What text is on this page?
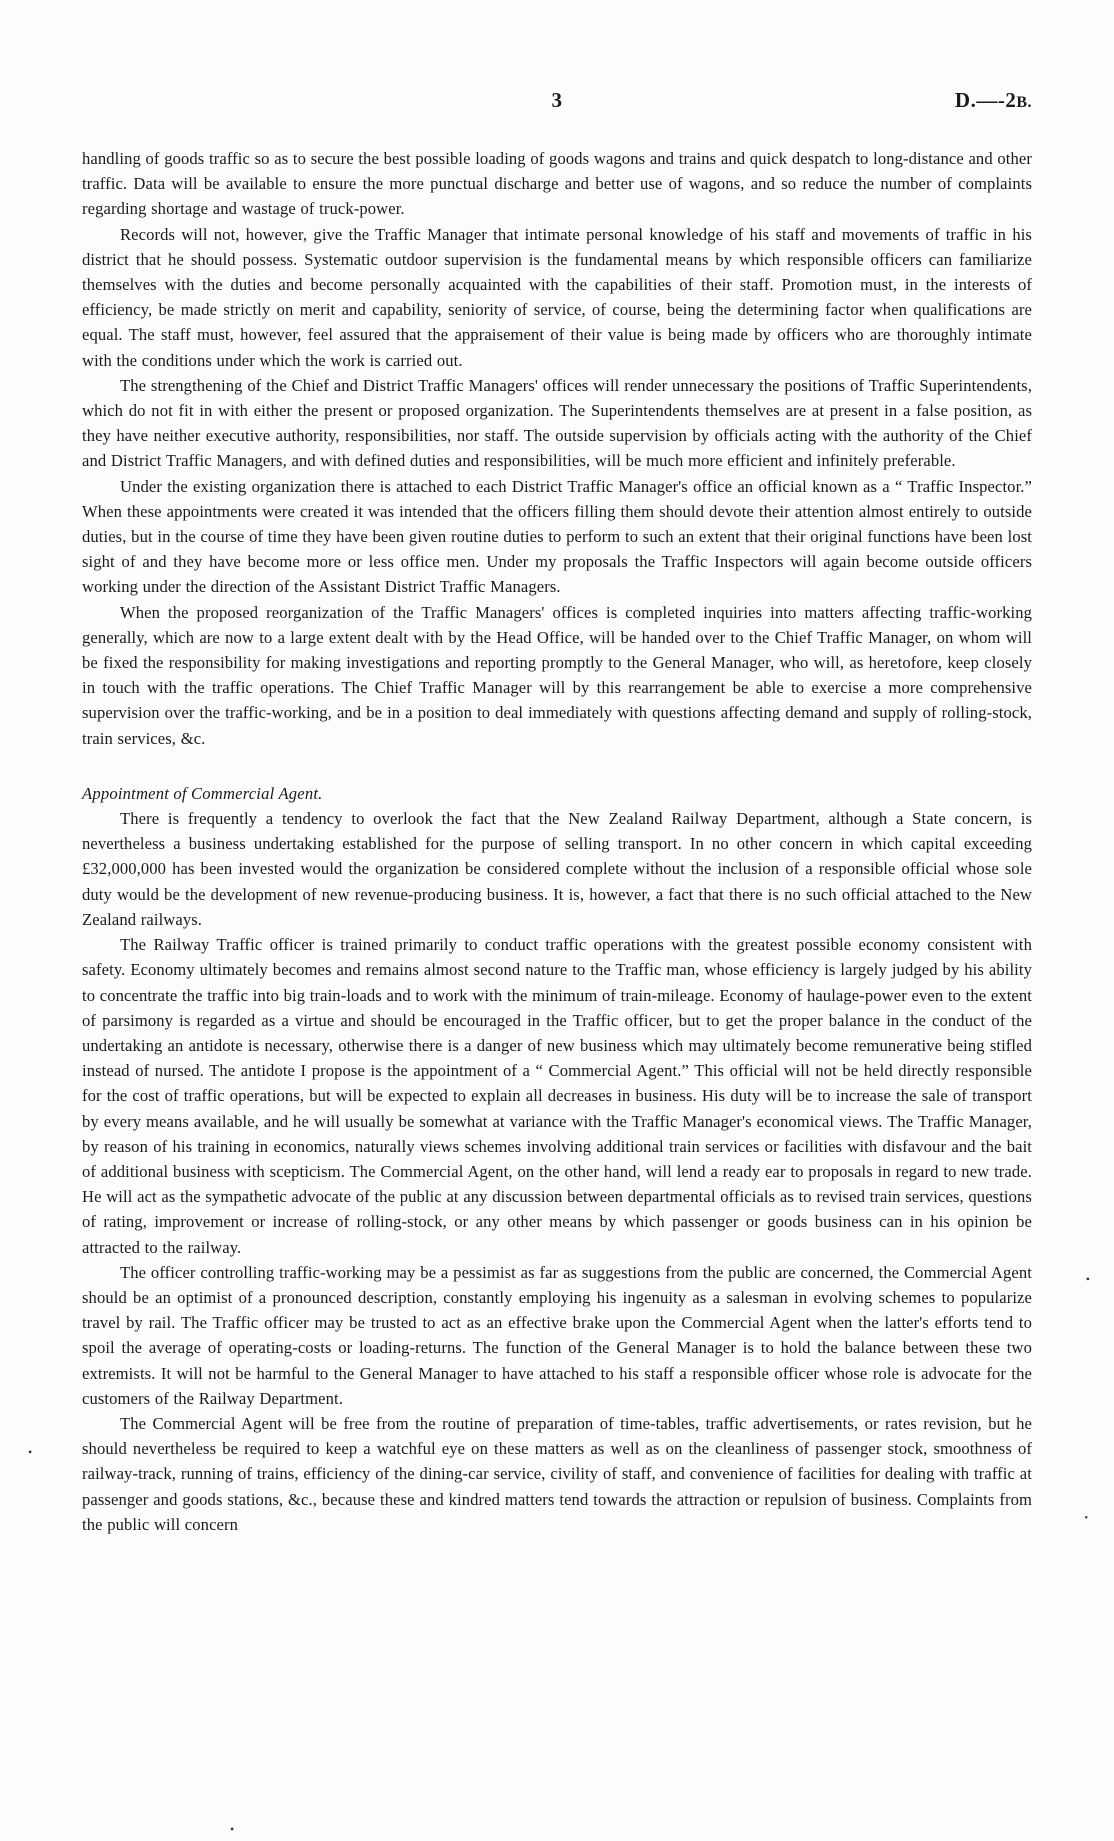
3	D.—-2B.

handling of goods traffic so as to secure the best possible loading of goods wagons and trains and quick despatch to long-distance and other traffic. Data will be available to ensure the more punctual discharge and better use of wagons, and so reduce the number of complaints regarding shortage and wastage of truck-power.

Records will not, however, give the Traffic Manager that intimate personal knowledge of his staff and movements of traffic in his district that he should possess. Systematic outdoor supervision is the fundamental means by which responsible officers can familiarize themselves with the duties and become personally acquainted with the capabilities of their staff. Promotion must, in the interests of efficiency, be made strictly on merit and capability, seniority of service, of course, being the determining factor when qualifications are equal. The staff must, however, feel assured that the appraisement of their value is being made by officers who are thoroughly intimate with the conditions under which the work is carried out.

The strengthening of the Chief and District Traffic Managers' offices will render unnecessary the positions of Traffic Superintendents, which do not fit in with either the present or proposed organization. The Superintendents themselves are at present in a false position, as they have neither executive authority, responsibilities, nor staff. The outside supervision by officials acting with the authority of the Chief and District Traffic Managers, and with defined duties and responsibilities, will be much more efficient and infinitely preferable.

Under the existing organization there is attached to each District Traffic Manager's office an official known as a “ Traffic Inspector.” When these appointments were created it was intended that the officers filling them should devote their attention almost entirely to outside duties, but in the course of time they have been given routine duties to perform to such an extent that their original functions have been lost sight of and they have become more or less office men. Under my proposals the Traffic Inspectors will again become outside officers working under the direction of the Assistant District Traffic Managers.

When the proposed reorganization of the Traffic Managers' offices is completed inquiries into matters affecting traffic-working generally, which are now to a large extent dealt with by the Head Office, will be handed over to the Chief Traffic Manager, on whom will be fixed the responsibility for making investigations and reporting promptly to the General Manager, who will, as heretofore, keep closely in touch with the traffic operations. The Chief Traffic Manager will by this rearrangement be able to exercise a more comprehensive supervision over the traffic-working, and be in a position to deal immediately with questions affecting demand and supply of rolling-stock, train services, &c.

Appointment of Commercial Agent.

There is frequently a tendency to overlook the fact that the New Zealand Railway Department, although a State concern, is nevertheless a business undertaking established for the purpose of selling transport. In no other concern in which capital exceeding £32,000,000 has been invested would the organization be considered complete without the inclusion of a responsible official whose sole duty would be the development of new revenue-producing business. It is, however, a fact that there is no such official attached to the New Zealand railways.

The Railway Traffic officer is trained primarily to conduct traffic operations with the greatest possible economy consistent with safety. Economy ultimately becomes and remains almost second nature to the Traffic man, whose efficiency is largely judged by his ability to concentrate the traffic into big train-loads and to work with the minimum of train-mileage. Economy of haulage-power even to the extent of parsimony is regarded as a virtue and should be encouraged in the Traffic officer, but to get the proper balance in the conduct of the undertaking an antidote is necessary, otherwise there is a danger of new business which may ultimately become remunerative being stifled instead of nursed. The antidote I propose is the appointment of a “ Commercial Agent.” This official will not be held directly responsible for the cost of traffic operations, but will be expected to explain all decreases in business. His duty will be to increase the sale of transport by every means available, and he will usually be somewhat at variance with the Traffic Manager's economical views. The Traffic Manager, by reason of his training in economics, naturally views schemes involving additional train services or facilities with disfavour and the bait of additional business with scepticism. The Commercial Agent, on the other hand, will lend a ready ear to proposals in regard to new trade. He will act as the sympathetic advocate of the public at any discussion between departmental officials as to revised train services, questions of rating, improvement or increase of rolling-stock, or any other means by which passenger or goods business can in his opinion be attracted to the railway.

The officer controlling traffic-working may be a pessimist as far as suggestions from the public are concerned, the Commercial Agent should be an optimist of a pronounced description, constantly employing his ingenuity as a salesman in evolving schemes to popularize travel by rail. The Traffic officer may be trusted to act as an effective brake upon the Commercial Agent when the latter's efforts tend to spoil the average of operating-costs or loading-returns. The function of the General Manager is to hold the balance between these two extremists. It will not be harmful to the General Manager to have attached to his staff a responsible officer whose role is advocate for the customers of the Railway Department.

The Commercial Agent will be free from the routine of preparation of time-tables, traffic advertisements, or rates revision, but he should nevertheless be required to keep a watchful eye on these matters as well as on the cleanliness of passenger stock, smoothness of railway-track, running of trains, efficiency of the dining-car service, civility of staff, and convenience of facilities for dealing with traffic at passenger and goods stations, &c., because these and kindred matters tend towards the attraction or repulsion of business. Complaints from the public will concern

•
•
•
•
